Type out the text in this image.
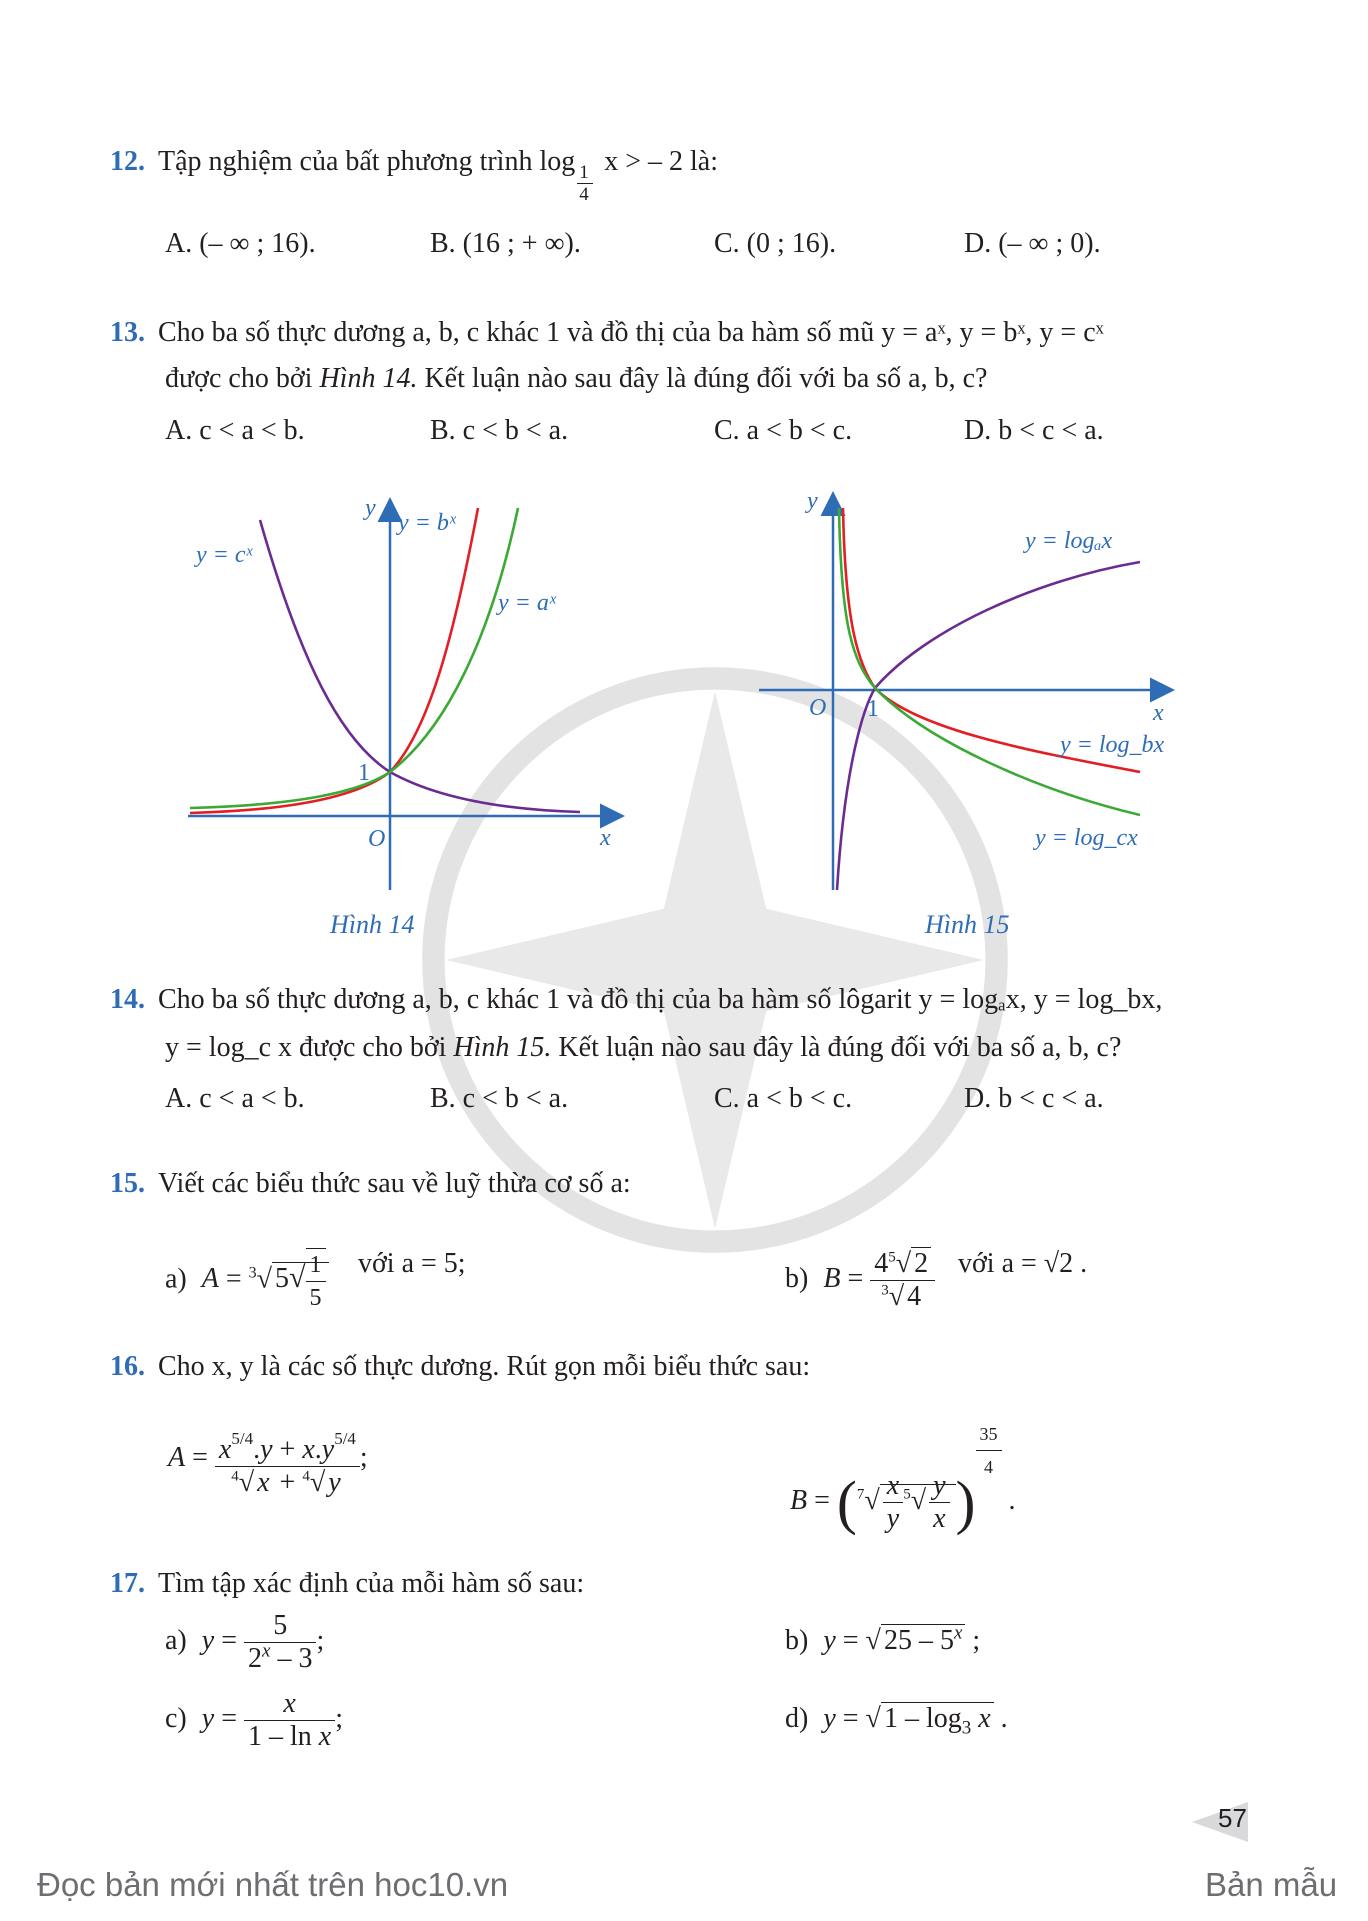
12. Tập nghiệm của bất phương trình log
$\frac{1}{4}$
x > – 2 là:
A. (– ∞ ; 16).	B. (16 ; + ∞).	C. (0 ; 16).	D. (– ∞ ; 0).
13. Cho ba số thực dương a, b, c khác 1 và đồ thị của ba hàm số mũ y = aˣ, y = bˣ, y = cˣ
được cho bởi Hình 14. Kết luận nào sau đây là đúng đối với ba số a, b, c?
A. c < a < b.	B. c < b < a.	C. a < b < c.	D. b < c < a.
y = cˣ
y = bˣ
y = aˣ
y
x
O
1
Hình 14
y = logₐx
y = log_bx
y = log_cx
y
x
O 1
Hình 15
14. Cho ba số thực dương a, b, c khác 1 và đồ thị của ba hàm số lôgarit y = logₐx, y = log_bx,
y = log_c x được cho bởi Hình 15. Kết luận nào sau đây là đúng đối với ba số a, b, c?
A. c < a < b.	B. c < b < a.	C. a < b < c.	D. b < c < a.
15. Viết các biểu thức sau về luỹ thừa cơ số a:
a) A = $^3$√ $5√ \frac{1}{5}$ với a = 5;	b) $B = \frac{4^5√ 2}{^3√ 4}$ với a = √2 .
16. Cho x, y là các số thực dương. Rút gọn mỗi biểu thức sau:
$A = \frac{x^{5/4}.y + x.y^{5/4}}{^4√ x + ^4√ y}$ ;
$B = (^7√ \frac{x}{y} ^5√ \frac{y}{x}$ )
$\frac{35}{4}$
.
17. Tìm tập xác định của mỗi hàm số sau:
a) $y = \frac{5}{2^x - 3}$ ;	b) y = √ 25 – 5$^x$ ;
c) $y = \frac{x}{\text{1 – ln x}}$ ;	d) y = √ $1 - \log_3 x$ .
57
Đọc bản mới nhất trên hoc10.vn	Bản mẫu
